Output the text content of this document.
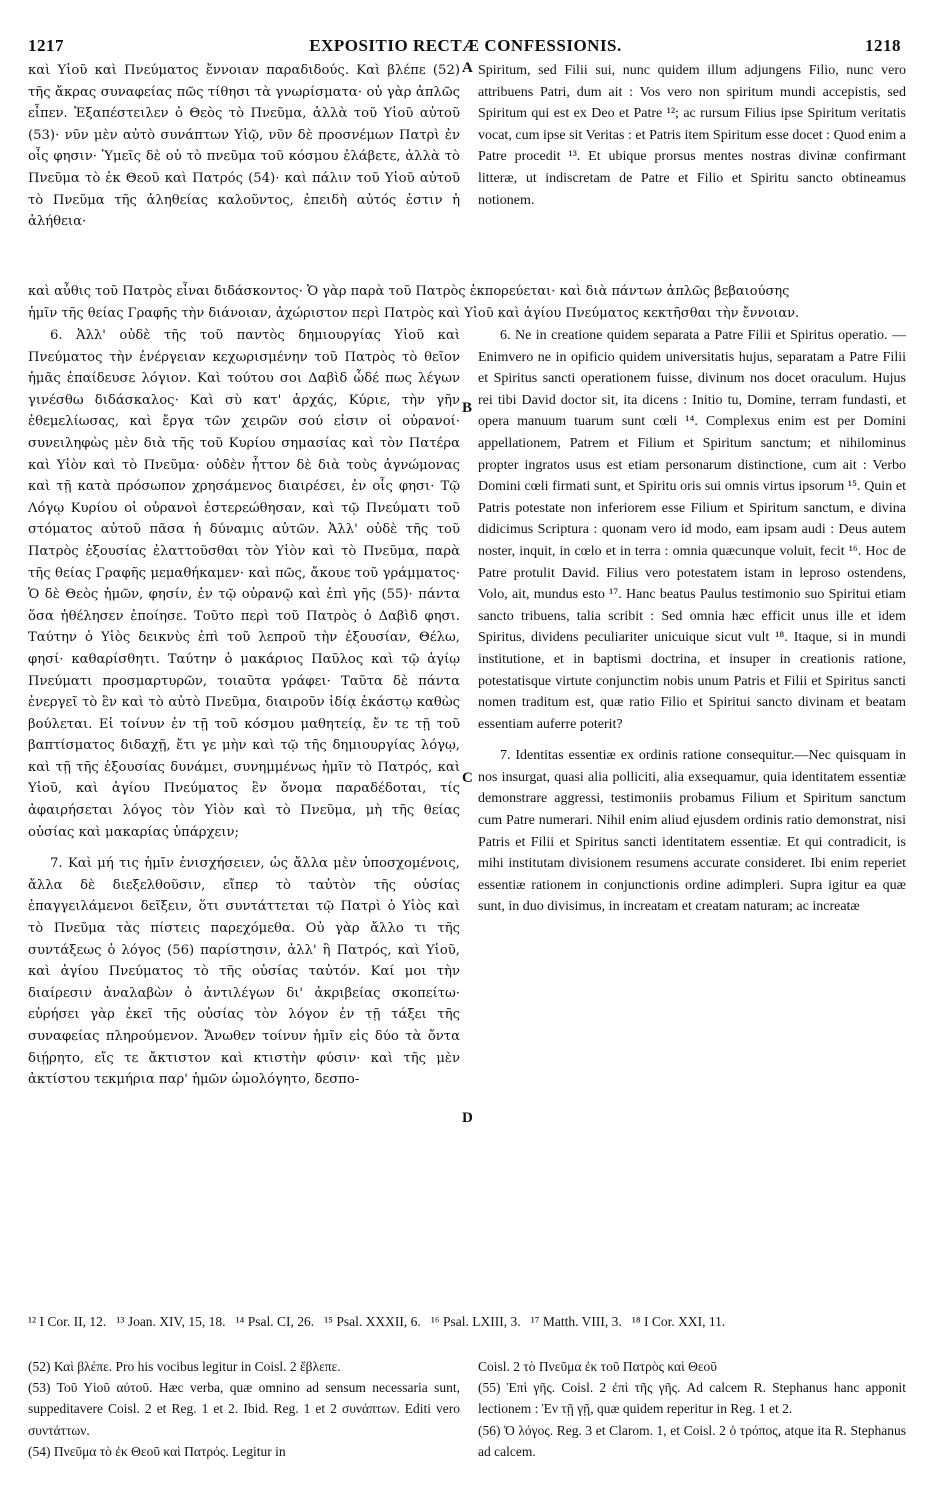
1217	EXPOSITIO RECTÆ CONFESSIONIS.	1218

καὶ Υἱοῦ καὶ Πνεύματος ἔννοιαν παραδιδούς. Καὶ βλέπε (52) τῆς ἄκρας συναφείας πῶς τίθησι τὰ γνωρίσματα· οὐ γὰρ ἁπλῶς εἶπεν. Ἐξαπέστειλεν ὁ Θεὸς τὸ Πνεῦμα, ἀλλὰ τοῦ Υἱοῦ αὐτοῦ (53)· νῦν μὲν αὐτὸ συνάπτων Υἱῷ, νῦν δὲ προσνέμων Πατρὶ ἐν οἷς φησιν· Ὑμεῖς δὲ οὐ τὸ πνεῦμα τοῦ κόσμου ἐλάβετε, ἀλλὰ τὸ Πνεῦμα τὸ ἐκ Θεοῦ καὶ Πατρός (54)· καὶ πάλιν τοῦ Υἱοῦ αὐτοῦ τὸ Πνεῦμα τῆς ἀληθείας καλοῦντος, ἐπειδὴ αὐτός ἐστιν ἡ ἀλήθεια·

Spiritum, sed Filii sui, nunc quidem illum adjungens Filio, nunc vero attribuens Patri, dum ait : Vos vero non spiritum mundi accepistis, sed Spiritum qui est ex Deo et Patre ¹²; ac rursum Filius ipse Spiritum veritatis vocat, cum ipse sit Veritas : et Patris item Spiritum esse docet : Quod enim a Patre procedit ¹³. Et ubique prorsus mentes nostras divinæ confirmant litteræ, ut indiscretam de Patre et Filio et Spiritu sancto obtineamus notionem.

καὶ αὖθις τοῦ Πατρὸς εἶναι διδάσκοντος· Ὁ γὰρ παρὰ τοῦ Πατρὸς ἐκπορεύεται· καὶ διὰ πάντων ἁπλῶς βεβαιούσης
ἡμῖν τῆς θείας Γραφῆς τὴν διάνοιαν, ἀχώριστον περὶ Πατρὸς καὶ Υἱοῦ καὶ ἁγίου Πνεύματος κεκτῆσθαι τὴν ἔννοιαν.

6. Ἀλλ' οὐδὲ τῆς τοῦ παντὸς δημιουργίας Υἱοῦ καὶ Πνεύματος τὴν ἐνέργειαν κεχωρισμένην τοῦ Πατρὸς τὸ θεῖον ἡμᾶς ἐπαίδευσε λόγιον. Καὶ τούτου σοι Δαβὶδ ὧδέ πως λέγων γινέσθω διδάσκαλος· Καὶ σὺ κατ' ἀρχάς, Κύριε, τὴν γῆν ἐθεμελίωσας, καὶ ἔργα τῶν χειρῶν σού εἰσιν οἱ οὐρανοί· συνειληφὼς μὲν διὰ τῆς τοῦ Κυρίου σημασίας καὶ τὸν Πατέρα καὶ Υἱὸν καὶ τὸ Πνεῦμα· οὐδὲν ἧττον δὲ διὰ τοὺς ἀγνώμονας καὶ τῇ κατὰ πρόσωπον χρησάμενος διαιρέσει, ἐν οἷς φησι· Τῷ Λόγῳ Κυρίου οἱ οὐρανοὶ ἐστερεώθησαν, καὶ τῷ Πνεύματι τοῦ στόματος αὐτοῦ πᾶσα ἡ δύναμις αὐτῶν. Ἀλλ' οὐδὲ τῆς τοῦ Πατρὸς ἐξουσίας ἐλαττοῦσθαι τὸν Υἱὸν καὶ τὸ Πνεῦμα, παρὰ τῆς θείας Γραφῆς μεμαθήκαμεν· καὶ πῶς, ἄκουε τοῦ γράμματος· Ὁ δὲ Θεὸς ἡμῶν, φησίν, ἐν τῷ οὐρανῷ καὶ ἐπὶ γῆς (55)· πάντα ὅσα ἠθέλησεν ἐποίησε. Τοῦτο περὶ τοῦ Πατρὸς ὁ Δαβὶδ φησι. Ταύτην ὁ Υἱὸς δεικνὺς ἐπὶ τοῦ λεπροῦ τὴν ἐξουσίαν, Θέλω, φησί· καθαρίσθητι. Ταύτην ὁ μακάριος Παῦλος καὶ τῷ ἁγίῳ Πνεύματι προσμαρτυρῶν, τοιαῦτα γράφει· Ταῦτα δὲ πάντα ἐνεργεῖ τὸ ἓν καὶ τὸ αὐτὸ Πνεῦμα, διαιροῦν ἰδίᾳ ἑκάστῳ καθὼς βούλεται. Εἰ τοίνυν ἐν τῇ τοῦ κόσμου μαθητείᾳ, ἔν τε τῇ τοῦ βαπτίσματος διδαχῇ, ἔτι γε μὴν καὶ τῷ τῆς δημιουργίας λόγῳ, καὶ τῇ τῆς ἐξουσίας δυνάμει, συνημμένως ἡμῖν τὸ Πατρός, καὶ Υἱοῦ, καὶ ἁγίου Πνεύματος ἓν ὄνομα παραδέδοται, τίς ἀφαιρήσεται λόγος τὸν Υἱὸν καὶ τὸ Πνεῦμα, μὴ τῆς θείας οὐσίας καὶ μακαρίας ὑπάρχειν;

7. Καὶ μή τις ἡμῖν ἐνισχήσειεν, ὡς ἄλλα μὲν ὑποσχομένοις, ἄλλα δὲ διεξελθοῦσιν, εἴπερ τὸ ταὐτὸν τῆς οὐσίας ἐπαγγειλάμενοι δεῖξειν, ὅτι συντάττεται τῷ Πατρὶ ὁ Υἱὸς καὶ τὸ Πνεῦμα τὰς πίστεις παρεχόμεθα. Οὐ γὰρ ἄλλο τι τῆς συντάξεως ὁ λόγος (56) παρίστησιν, ἀλλ' ἢ Πατρός, καὶ Υἱοῦ, καὶ ἁγίου Πνεύματος τὸ τῆς οὐσίας ταὐτόν. Καί μοι τὴν διαίρεσιν ἀναλαβὼν ὁ ἀντιλέγων δι' ἀκριβείας σκοπείτω· εὑρήσει γὰρ ἐκεῖ τῆς οὐσίας τὸν λόγον ἐν τῇ τάξει τῆς συναφείας πληρούμενον. Ἄνωθεν τοίνυν ἡμῖν εἰς δύο τὰ ὄντα διῄρητο, εἴς τε ἄκτιστον καὶ κτιστὴν φύσιν· καὶ τῆς μὲν ἀκτίστου τεκμήρια παρ' ἡμῶν ὡμολόγητο, δεσπο-

6. Ne in creatione quidem separata a Patre Filii et Spiritus operatio. — Enimvero ne in opificio quidem universitatis hujus, separatam a Patre Filii et Spiritus sancti operationem fuisse, divinum nos docet oraculum. Hujus rei tibi David doctor sit, ita dicens : Initio tu, Domine, terram fundasti, et opera manuum tuarum sunt cœli ¹⁴. Complexus enim est per Domini appellationem, Patrem et Filium et Spiritum sanctum; et nihilominus propter ingratos usus est etiam personarum distinctione, cum ait : Verbo Domini cœli firmati sunt, et Spiritu oris sui omnis virtus ipsorum ¹⁵. Quin et Patris potestate non inferiorem esse Filium et Spiritum sanctum, e divina didicimus Scriptura : quonam vero id modo, eam ipsam audi : Deus autem noster, inquit, in cœlo et in terra : omnia quæcunque voluit, fecit ¹⁶. Hoc de Patre protulit David. Filius vero potestatem istam in leproso ostendens, Volo, ait, mundus esto ¹⁷. Hanc beatus Paulus testimonio suo Spiritui etiam sancto tribuens, talia scribit : Sed omnia hæc efficit unus ille et idem Spiritus, dividens peculiariter unicuique sicut vult ¹⁸. Itaque, si in mundi institutione, et in baptismi doctrina, et insuper in creationis ratione, potestatisque virtute conjunctim nobis unum Patris et Filii et Spiritus sancti nomen traditum est, quæ ratio Filio et Spiritui sancto divinam et beatam essentiam auferre poterit?

7. Identitas essentiæ ex ordinis ratione consequitur.—Nec quisquam in nos insurgat, quasi alia polliciti, alia exsequamur, quia identitatem essentiæ demonstrare aggressi, testimoniis probamus Filium et Spiritum sanctum cum Patre numerari. Nihil enim aliud ejusdem ordinis ratio demonstrat, nisi Patris et Filii et Spiritus sancti identitatem essentiæ. Et qui contradicit, is mihi institutam divisionem resumens accurate consideret. Ibi enim reperiet essentiæ rationem in conjunctionis ordine adimpleri. Supra igitur ea quæ sunt, in duo divisimus, in increatam et creatam naturam; ac increatæ

A
B
C
D
¹² I Cor. II, 12. ¹³ Joan. XIV, 15, 18. ¹⁴ Psal. CI, 26. ¹⁵ Psal. XXXII, 6. ¹⁶ Psal. LXIII, 3. ¹⁷ Matth. VIII, 3. ¹⁸ I Cor. XXI, 11.

(52) Καὶ βλέπε. Pro his vocibus legitur in Coisl. 2 ἔβλεπε.

(53) Τοῦ Υἱοῦ αὐτοῦ. Hæc verba, quæ omnino ad sensum necessaria sunt, suppeditavere Coisl. 2 et Reg. 1 et 2. Ibid. Reg. 1 et 2 συνάπτων. Editi vero συντάττων.

(54) Πνεῦμα τὸ ἐκ Θεοῦ καὶ Πατρός. Legitur in

Coisl. 2 τὸ Πνεῦμα ἐκ τοῦ Πατρὸς καὶ Θεοῦ

(55) Ἐπὶ γῆς. Coisl. 2 ἐπὶ τῆς γῆς. Ad calcem R. Stephanus hanc apponit lectionem : Ἐν τῇ γῇ, quæ quidem reperitur in Reg. 1 et 2.

(56) Ὁ λόγος. Reg. 3 et Clarom. 1, et Coisl. 2 ὁ τρόπος, atque ita R. Stephanus ad calcem.
